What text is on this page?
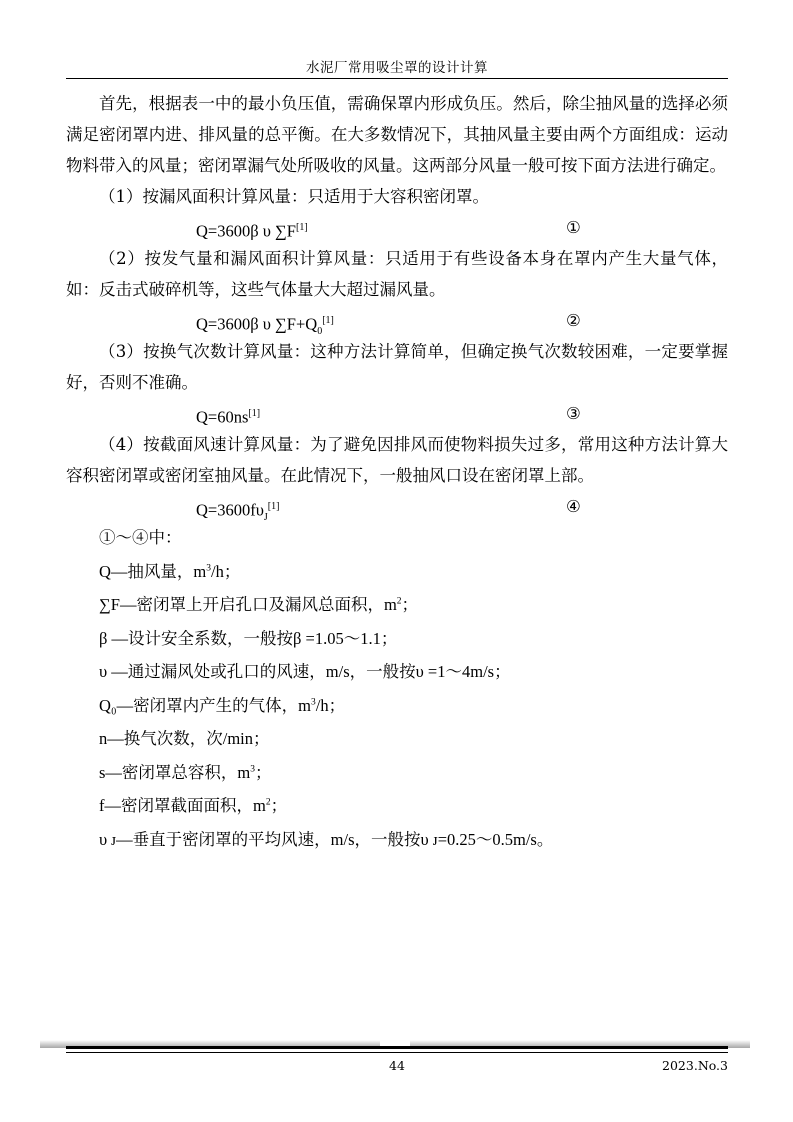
水泥厂常用吸尘罩的设计计算

首先，根据表一中的最小负压值，需确保罩内形成负压。然后，除尘抽风量的选择必须满足密闭罩内进、排风量的总平衡。在大多数情况下，其抽风量主要由两个方面组成：运动物料带入的风量；密闭罩漏气处所吸收的风量。这两部分风量一般可按下面方法进行确定。

（1）按漏风面积计算风量：只适用于大容积密闭罩。

Q=3600β υ ∑F[1]	①

（2）按发气量和漏风面积计算风量：只适用于有些设备本身在罩内产生大量气体，如：反击式破碎机等，这些气体量大大超过漏风量。

Q=3600β υ $\sum F+Q_0[1]$	②

（3）按换气次数计算风量：这种方法计算简单，但确定换气次数较困难，一定要掌握好，否则不准确。

Q=60ns[1]	③

（4）按截面风速计算风量：为了避免因排风而使物料损失过多，常用这种方法计算大容积密闭罩或密闭室抽风量。在此情况下，一般抽风口设在密闭罩上部。

$Q=3600f\upsilon_J[1]$	④

①～④中：

Q—抽风量，$m^3/h$；

∑F—密闭罩上开启孔口及漏风总面积，$m^2$；

β —设计安全系数，一般按β =1.05～1.1；

υ —通过漏风处或孔口的风速，m/s，一般按υ =1～4m/s；

Q₀—密闭罩内产生的气体，$m^3/h$；

n—换气次数，次/min；

s—密闭罩总容积，$m^3$；

f—密闭罩截面面积，$m^2$；

υ ᴊ—垂直于密闭罩的平均风速，m/s，一般按υ ᴊ=0.25～0.5m/s。

44	2023.No.3
